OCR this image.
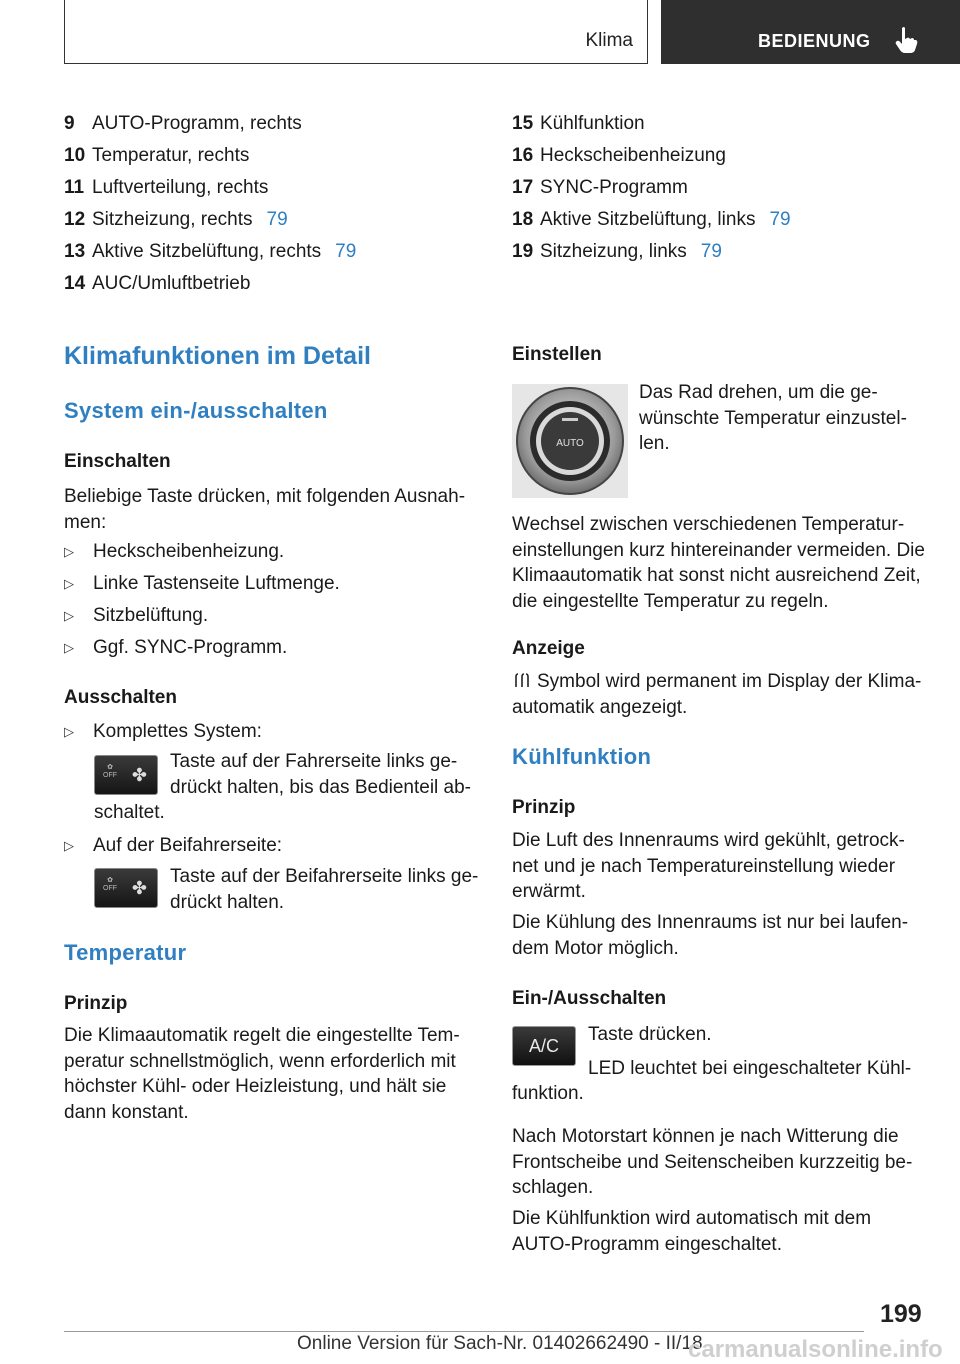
Klima	BEDIENUNG
9 AUTO-Programm, rechts
10 Temperatur, rechts
11 Luftverteilung, rechts
12 Sitzheizung, rechts 79
13 Aktive Sitzbelüftung, rechts 79
14 AUC/Umluftbetrieb
15 Kühlfunktion
16 Heckscheibenheizung
17 SYNC-Programm
18 Aktive Sitzbelüftung, links 79
19 Sitzheizung, links 79
Klimafunktionen im Detail
System ein-/ausschalten
Einschalten
Beliebige Taste drücken, mit folgenden Ausnah-
men:
▷ Heckscheibenheizung.
▷ Linke Tastenseite Luftmenge.
▷ Sitzbelüftung.
▷ Ggf. SYNC-Programm.
Ausschalten
▷ Komplettes System:
✿
OFF ✤
Taste auf der Fahrerseite links ge-
drückt halten, bis das Bedienteil ab-
schaltet.
▷ Auf der Beifahrerseite:
✿
OFF ✤
Taste auf der Beifahrerseite links ge-
drückt halten.
Temperatur
Prinzip
Die Klimaautomatik regelt die eingestellte Tem-
peratur schnellstmöglich, wenn erforderlich mit
höchster Kühl- oder Heizleistung, und hält sie
dann konstant.
Einstellen
AUTO
Das Rad drehen, um die ge-
wünschte Temperatur einzustel-
len.
Wechsel zwischen verschiedenen Temperatur-
einstellungen kurz hintereinander vermeiden. Die
Klimaautomatik hat sonst nicht ausreichend Zeit,
die eingestellte Temperatur zu regeln.
Anzeige
Symbol wird permanent im Display der Klima-
automatik angezeigt.
Kühlfunktion
Prinzip
Die Luft des Innenraums wird gekühlt, getrock-
net und je nach Temperatureinstellung wieder
erwärmt.
Die Kühlung des Innenraums ist nur bei laufen-
dem Motor möglich.
Ein-/Ausschalten
A/C
Taste drücken.
LED leuchtet bei eingeschalteter Kühl-
funktion.
Nach Motorstart können je nach Witterung die
Frontscheibe und Seitenscheiben kurzzeitig be-
schlagen.
Die Kühlfunktion wird automatisch mit dem
AUTO-Programm eingeschaltet.
199
Online Version für Sach-Nr. 01402662490 - II/18
carmanualsonline.info
